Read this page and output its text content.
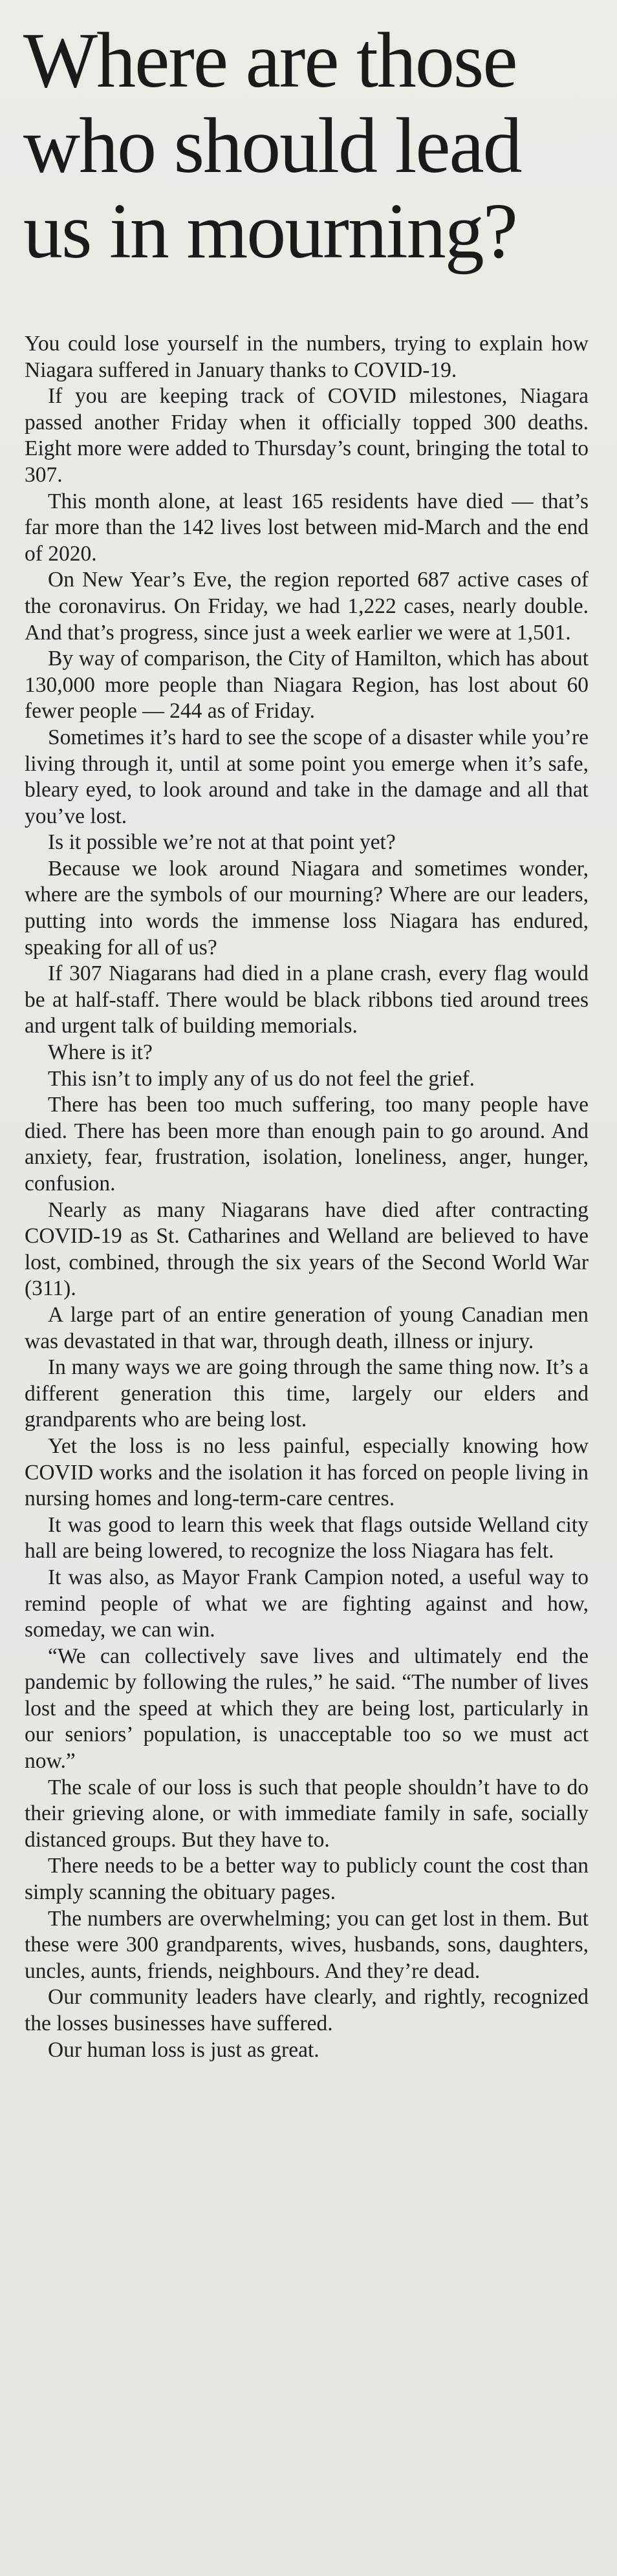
Where are those who should lead us in mourning?

You could lose yourself in the numbers, trying to explain how Niagara suffered in January thanks to COVID-19.

If you are keeping track of COVID milestones, Niagara passed another Friday when it officially topped 300 deaths. Eight more were added to Thursday’s count, bringing the total to 307.

This month alone, at least 165 residents have died — that’s far more than the 142 lives lost between mid-March and the end of 2020.

On New Year’s Eve, the region reported 687 active cases of the coronavirus. On Friday, we had 1,222 cases, nearly double. And that’s progress, since just a week earlier we were at 1,501.

By way of comparison, the City of Hamilton, which has about 130,000 more people than Niagara Region, has lost about 60 fewer people — 244 as of Friday.

Sometimes it’s hard to see the scope of a disaster while you’re living through it, until at some point you emerge when it’s safe, bleary eyed, to look around and take in the damage and all that you’ve lost.

Is it possible we’re not at that point yet?

Because we look around Niagara and sometimes wonder, where are the symbols of our mourning? Where are our leaders, putting into words the immense loss Niagara has endured, speaking for all of us?

If 307 Niagarans had died in a plane crash, every flag would be at half-staff. There would be black ribbons tied around trees and urgent talk of building memorials.

Where is it?

This isn’t to imply any of us do not feel the grief.

There has been too much suffering, too many people have died. There has been more than enough pain to go around. And anxiety, fear, frustration, isolation, loneliness, anger, hunger, confusion.

Nearly as many Niagarans have died after contracting COVID-19 as St. Catharines and Welland are believed to have lost, combined, through the six years of the Second World War (311).

A large part of an entire generation of young Canadian men was devastated in that war, through death, illness or injury.

In many ways we are going through the same thing now. It’s a different generation this time, largely our elders and grandparents who are being lost.

Yet the loss is no less painful, especially knowing how COVID works and the isolation it has forced on people living in nursing homes and long-term-care centres.

It was good to learn this week that flags outside Welland city hall are being lowered, to recognize the loss Niagara has felt.

It was also, as Mayor Frank Campion noted, a useful way to remind people of what we are fighting against and how, someday, we can win.

“We can collectively save lives and ultimately end the pandemic by following the rules,” he said. “The number of lives lost and the speed at which they are being lost, particularly in our seniors’ population, is unacceptable too so we must act now.”

The scale of our loss is such that people shouldn’t have to do their grieving alone, or with immediate family in safe, socially distanced groups. But they have to.

There needs to be a better way to publicly count the cost than simply scanning the obituary pages.

The numbers are overwhelming; you can get lost in them. But these were 300 grandparents, wives, husbands, sons, daughters, uncles, aunts, friends, neighbours. And they’re dead.

Our community leaders have clearly, and rightly, recognized the losses businesses have suffered.

Our human loss is just as great.
